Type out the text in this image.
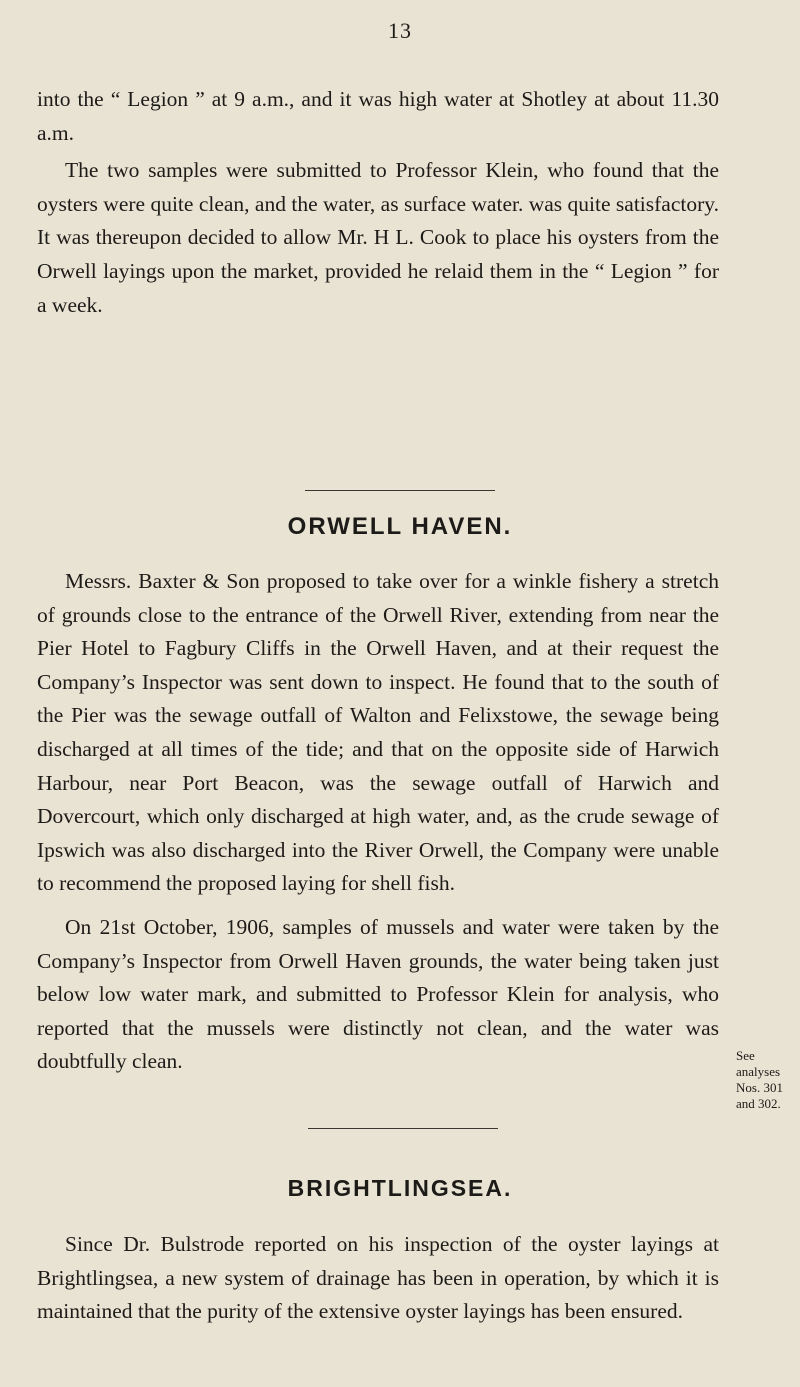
13

into the “ Legion ” at 9 a.m., and it was high water at Shotley at about 11.30 a.m.

The two samples were submitted to Professor Klein, who found that the oysters were quite clean, and the water, as surface water. was quite satisfactory. It was thereupon decided to allow Mr. H L. Cook to place his oysters from the Orwell layings upon the market, provided he relaid them in the “ Legion ” for a week.

ORWELL HAVEN.

Messrs. Baxter & Son proposed to take over for a winkle fishery a stretch of grounds close to the entrance of the Orwell River, extending from near the Pier Hotel to Fagbury Cliffs in the Orwell Haven, and at their request the Company’s Inspector was sent down to inspect. He found that to the south of the Pier was the sewage outfall of Walton and Felixstowe, the sewage being discharged at all times of the tide; and that on the opposite side of Harwich Harbour, near Port Beacon, was the sewage outfall of Harwich and Dovercourt, which only discharged at high water, and, as the crude sewage of Ipswich was also discharged into the River Orwell, the Company were unable to recommend the proposed laying for shell fish.

On 21st October, 1906, samples of mussels and water were taken by the Company’s Inspector from Orwell Haven grounds, the water being taken just below low water mark, and submitted to Professor Klein for analysis, who reported that the mussels were distinctly not clean, and the water was doubtfully clean.	See analyses Nos. 301 and 302.
BRIGHTLINGSEA.

Since Dr. Bulstrode reported on his inspection of the oyster layings at Brightlingsea, a new system of drainage has been in operation, by which it is maintained that the purity of the extensive oyster layings has been ensured.
